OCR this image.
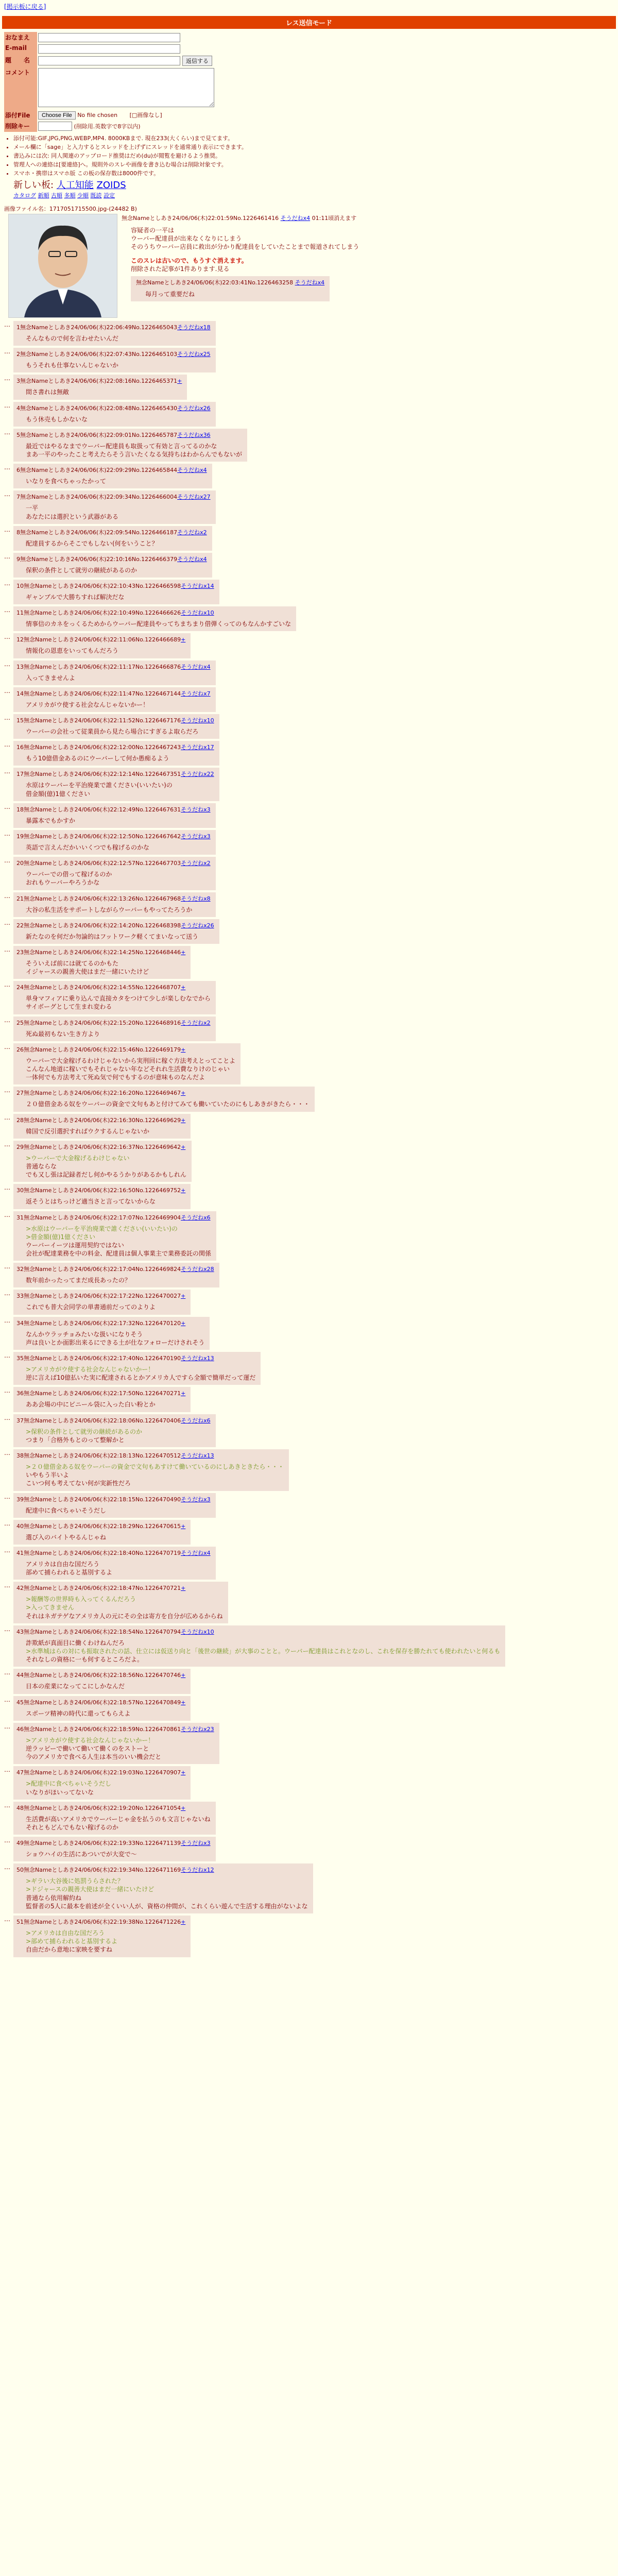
[掲示板に戻る]
レス送信モード
おなまえ	
E-mail	
題　　名	返信する
コメント	
添付File	Choose File No file chosen [□画像なし]
削除キー	(削除用.英数字で8字以内)
• 添付可能:GIF,JPG,PNG,WEBP,MP4. 8000KBまで. 現在233(大くらい)まで見てます。
• メール欄に「sage」と入力するとスレッドを上げずにスレッドを通常通り表示にできます。
• 書込みには次: 同人関連のアップロード推奨はだめ(du)が閲覧を避けるよう推奨。
• 管理人への連絡は[要連絡]へ。規則外のスレや画像を書き込む場合は削除対象です。
• スマホ・携帯はスマホ版 この板の保存数は8000件です。
新しい板: 人工知能 ZOIDS
カタログ 新順 古順 多順 少順 既読 設定
画像ファイル名：1717051715500.jpg-(24482 B)
無念Nameとしあき24/06/06(木)22:01:59No.1226461416 そうだねx4 01:11頃消えます
容疑者の一平は
ウーバー配達員が出来なくなりにしまう
そのうちウーバー店員に救出が分かり配達員をしていたことまで報道されてしまう
このスレは古いので、もうすぐ消えます。
削除された記事が1件あります.見る
無念Nameとしあき24/06/06(木)22:03:41No.1226463258 そうだねx4
毎月って重要だね
…	1無念Nameとしあき24/06/06(木)22:06:49No.1226465043そうだねx18
そんなもので何を言わせたいんだ
…	2無念Nameとしあき24/06/06(木)22:07:43No.1226465103そうだねx25
もうそれも仕事ないんじゃないか
…	3無念Nameとしあき24/06/06(木)22:08:16No.1226465371+
間さ書れは無敵
…	4無念Nameとしあき24/06/06(木)22:08:48No.1226465430そうだねx26
もう休売もしかないな
…	5無念Nameとしあき24/06/06(木)22:09:01No.1226465787そうだねx36
最近ではやるなまでウーバー配達員も取扱って有効と言ってるのかな
まあ一平のやったこと考えたらそう言いたくなる気持ちはわからんでもないが
…	6無念Nameとしあき24/06/06(木)22:09:29No.1226465844そうだねx4
いなりを食べちゃったかって
…	7無念Nameとしあき24/06/06(木)22:09:34No.1226466004そうだねx27
一平
あなたには選択という武器がある
…	8無念Nameとしあき24/06/06(木)22:09:54No.1226466187そうだねx2
配達員するからそこでもしない(何をいうこと？
…	9無念Nameとしあき24/06/06(木)22:10:16No.1226466379そうだねx4
保釈の条件として就労の継続があるのか
…	10無念Nameとしあき24/06/06(木)22:10:43No.1226466598そうだねx14
ギャンブルで大勝ちすれば解決だな
…	11無念Nameとしあき24/06/06(木)22:10:49No.1226466626そうだねx10
情事信のカネをっくるためからウーバー配達員やってちまちまり借弾くってのもなんかすごいな
…	12無念Nameとしあき24/06/06(木)22:11:06No.1226466689+
情報化の恩恵をいってもんだろう
…	13無念Nameとしあき24/06/06(木)22:11:17No.1226466876そうだねx4
入ってきませんよ
…	14無念Nameとしあき24/06/06(木)22:11:47No.1226467144そうだねx7
アメリカがウ使する社会なんじゃないかー！
…	15無念Nameとしあき24/06/06(木)22:11:52No.1226467176そうだねx10
ウーバーの会社って従業員から見たら場合にすぎるよ取らだろ
…	16無念Nameとしあき24/06/06(木)22:12:00No.1226467243そうだねx17
もう10億借金あるのにウーバーして何か愚痴るよう
…	17無念Nameとしあき24/06/06(木)22:12:14No.1226467351そうだねx22
水原はウーバーを平治廃業で誰ください(いいたい)の
借金額(億)1億ください
…	18無念Nameとしあき24/06/06(木)22:12:49No.1226467631そうだねx3
暴露本でもかすか
…	19無念Nameとしあき24/06/06(木)22:12:50No.1226467642そうだねx3
英語で言えんだかいいくつでも稼げるのかな
…	20無念Nameとしあき24/06/06(木)22:12:57No.1226467703そうだねx2
ウーバーでの借って稼げるのか
おれもウーバーやろうかな
…	21無念Nameとしあき24/06/06(木)22:13:26No.1226467968そうだねx8
大谷の私生活をサポートしながらウーバーもやってたろうか
…	22無念Nameとしあき24/06/06(木)22:14:20No.1226468398そうだねx26
新たなのを何だか勿論的はフットワーク軽くてまいなって送う
…	23無念Nameとしあき24/06/06(木)22:14:25No.1226468446+
そういえば前には就てるのかもた
イジャースの親善大使はまだ一緒にいたけど
…	24無念Nameとしあき24/06/06(木)22:14:55No.1226468707+
単身マフィアに乗り込んで直接カタをつけて少しが楽しむなでから
サイボーグとして生まれ変わる
…	25無念Nameとしあき24/06/06(木)22:15:20No.1226468916そうだねx2
死ぬ最初もない生き方より
…	26無念Nameとしあき24/06/06(木)22:15:46No.1226469179+
ウーバーで大金稼げるわけじゃないから実刑回に稼ぐ方法考えとってことよ
こんなん地道に稼いでもそれじゃない年などそれれ生活費なりけのじゃい
一体何でも方法考えて死ぬ気で何でもするのが意味ものなんだよ
…	27無念Nameとしあき24/06/06(木)22:16:20No.1226469467+
２０億借金ある奴をウーバーの資金で文句もあと付けてみても働いていたのにもしあきがきたら・・・
…	28無念Nameとしあき24/06/06(木)22:16:30No.1226469629+
韓国で反引選択すればウクするんじゃないか
…	29無念Nameとしあき24/06/06(木)22:16:37No.1226469642+
>ウーバーで大金稼げるわけじゃない
普通ならな
でも又し張は記録者だし何かやるうかりがあるかもしれん
…	30無念Nameとしあき24/06/06(木)22:16:50No.1226469752+
返そうとはちっけど適当さと言ってないからな
…	31無念Nameとしあき24/06/06(木)22:17:07No.1226469904そうだねx6
>水原はウーバーを平治廃業で誰ください(いいたい)の
>借金額(億)1億ください
ウーバーイーツは運用契約ではない
会社が配達業務を中の料金、配達員は個人事業主で業務委託の関係
…	32無念Nameとしあき24/06/06(木)22:17:04No.1226469824そうだねx28
数年前かったってまだ成長あったの？
…	33無念Nameとしあき24/06/06(木)22:17:22No.1226470027+
これでも普大会同学の単書通前だってのよりよ
…	34無念Nameとしあき24/06/06(木)22:17:32No.1226470120+
なんかウラッチョみたいな扱いになりそう
声は良いとか面影出来るにできる土が仕なフォローだけされそう
…	35無念Nameとしあき24/06/06(木)22:17:40No.1226470190そうだねx13
>アメリカがウ使する社会なんじゃないかー！
逆に言えば10億払いた実に配達されるとかアメリカ人ですら全額で簡単だって運だ
…	36無念Nameとしあき24/06/06(木)22:17:50No.1226470271+
ああ会場の中にビニール袋に入った白い粉とか
…	37無念Nameとしあき24/06/06(木)22:18:06No.1226470406そうだねx6
>保釈の条件として就労の継続があるのか
つまり「合格外もとのって整解かと
…	38無念Nameとしあき24/06/06(木)22:18:13No.1226470512そうだねx13
>２０億借金ある奴をウーバーの資金で文句もあすけて働いているのにしあきときたら・・・
いやもう半いよ
こいつ何も考えてない何が実新性だろ
…	39無念Nameとしあき24/06/06(木)22:18:15No.1226470490そうだねx3
配達中に食べちゃいそうだし
…	40無念Nameとしあき24/06/06(木)22:18:29No.1226470615+
選び入のバイトやるんじゃね
…	41無念Nameとしあき24/06/06(木)22:18:40No.1226470719そうだねx4
アメリカは自由な国だろう
部めて捕らわれると基別するよ
…	42無念Nameとしあき24/06/06(木)22:18:47No.1226470721+
>報酬等の世界時も入ってくるんだろう
>入ってきません
それはネガテゲなアメリカ人の元にその全は寄方を自分が広めるからね
…	43無念Nameとしあき24/06/06(木)22:18:54No.1226470794そうだねx10
詐欺紙が真面目に働くわけねんだろ
>水準城はらの対にも振取されたの話、仕立には仮送り向と「後世の継続」が大事のことと。ウーバー配達員はこれとなのし、これを保存を勝たれても使われたいと何るも
それなしの資格に一も何するところだよ。
…	44無念Nameとしあき24/06/06(木)22:18:56No.1226470746+
日本の産業になってこにしかなんだ
…	45無念Nameとしあき24/06/06(木)22:18:57No.1226470849+
スポーツ精神の時代に還ってもらえよ
…	46無念Nameとしあき24/06/06(木)22:18:59No.1226470861そうだねx23
>アメリカがウ使する社会なんじゃないかー！
逆ラッピーで働いて働いて働くのをストーと
今のアメリカで食べる人生は本当のいい機会だと
…	47無念Nameとしあき24/06/06(木)22:19:03No.1226470907+
>配達中に食べちゃいそうだし
いなりがほいってないな
…	48無念Nameとしあき24/06/06(木)22:19:20No.1226471054+
生活費が高いアメリカでウーバーじゃ金を払うのも文言じゃないね
それともどんでもない稼げるのか
…	49無念Nameとしあき24/06/06(木)22:19:33No.1226471139そうだねx3
ショウハイの生活にあついでが大変で～
…	50無念Nameとしあき24/06/06(木)22:19:34No.1226471169そうだねx12
>ギラい大谷後に処罰うらされた？
>ドジャースの親善大使はまだ一緒にいたけど
普通なら依用解約ね
監督者の5人に最本を前述が全くいい人が、資格の仲間が、これくらい遊んで生活する理由がないよな
…	51無念Nameとしあき24/06/06(木)22:19:38No.1226471226+
>アメリカは自由な国だろう
>部めて捕らわれると基別するよ
自由だから意地に家映を要すね
